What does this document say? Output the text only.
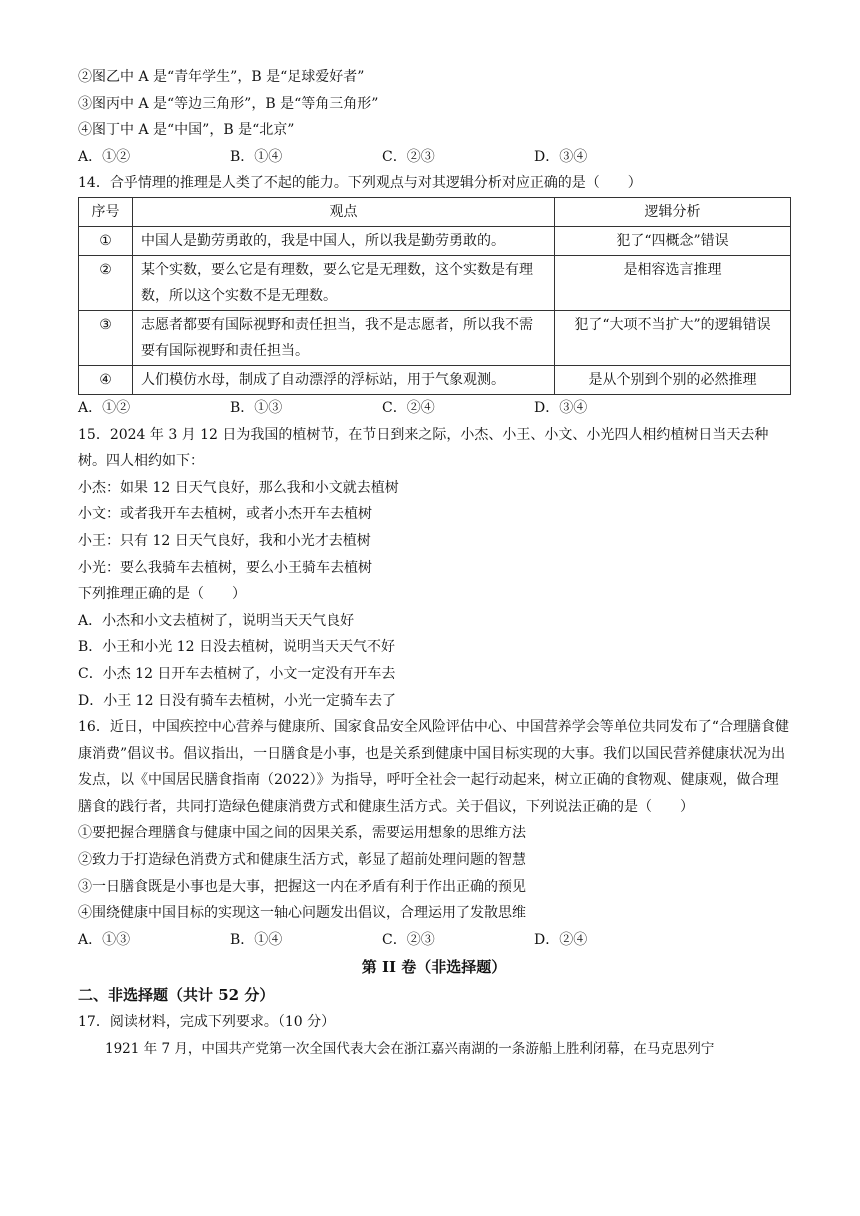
②图乙中 A 是“青年学生”，B 是“足球爱好者”
③图丙中 A 是“等边三角形”，B 是“等角三角形”
④图丁中 A 是“中国”，B 是“北京”
A．①②	B．①④	C．②③	D．③④
14．合乎情理的推理是人类了不起的能力。下列观点与对其逻辑分析对应正确的是（　　）
序号	观点	逻辑分析
①	中国人是勤劳勇敢的，我是中国人，所以我是勤劳勇敢的。	犯了“四概念”错误
②	某个实数，要么它是有理数，要么它是无理数，这个实数是有理数，所以这个实数不是无理数。	是相容选言推理
③	志愿者都要有国际视野和责任担当，我不是志愿者，所以我不需要有国际视野和责任担当。	犯了“大项不当扩大”的逻辑错误
④	人们模仿水母，制成了自动漂浮的浮标站，用于气象观测。	是从个别到个别的必然推理
A．①②	B．①③	C．②④	D．③④
15．2024 年 3 月 12 日为我国的植树节，在节日到来之际，小杰、小王、小文、小光四人相约植树日当天去种树。四人相约如下：
小杰：如果 12 日天气良好，那么我和小文就去植树
小文：或者我开车去植树，或者小杰开车去植树
小王：只有 12 日天气良好，我和小光才去植树
小光：要么我骑车去植树，要么小王骑车去植树
下列推理正确的是（　　）
A．小杰和小文去植树了，说明当天天气良好
B．小王和小光 12 日没去植树，说明当天天气不好
C．小杰 12 日开车去植树了，小文一定没有开车去
D．小王 12 日没有骑车去植树，小光一定骑车去了
16．近日，中国疾控中心营养与健康所、国家食品安全风险评估中心、中国营养学会等单位共同发布了“合理膳食健康消费”倡议书。倡议指出，一日膳食是小事，也是关系到健康中国目标实现的大事。我们以国民营养健康状况为出发点，以《中国居民膳食指南（2022）》为指导，呼吁全社会一起行动起来，树立正确的食物观、健康观，做合理膳食的践行者，共同打造绿色健康消费方式和健康生活方式。关于倡议，下列说法正确的是（　　）
①要把握合理膳食与健康中国之间的因果关系，需要运用想象的思维方法
②致力于打造绿色消费方式和健康生活方式，彰显了超前处理问题的智慧
③一日膳食既是小事也是大事，把握这一内在矛盾有利于作出正确的预见
④围绕健康中国目标的实现这一轴心问题发出倡议，合理运用了发散思维
A．①③	B．①④	C．②③	D．②④
第 II 卷（非选择题）
二、非选择题（共计 52 分）
17．阅读材料，完成下列要求。（10 分）
1921 年 7 月，中国共产党第一次全国代表大会在浙江嘉兴南湖的一条游船上胜利闭幕，在马克思列宁
